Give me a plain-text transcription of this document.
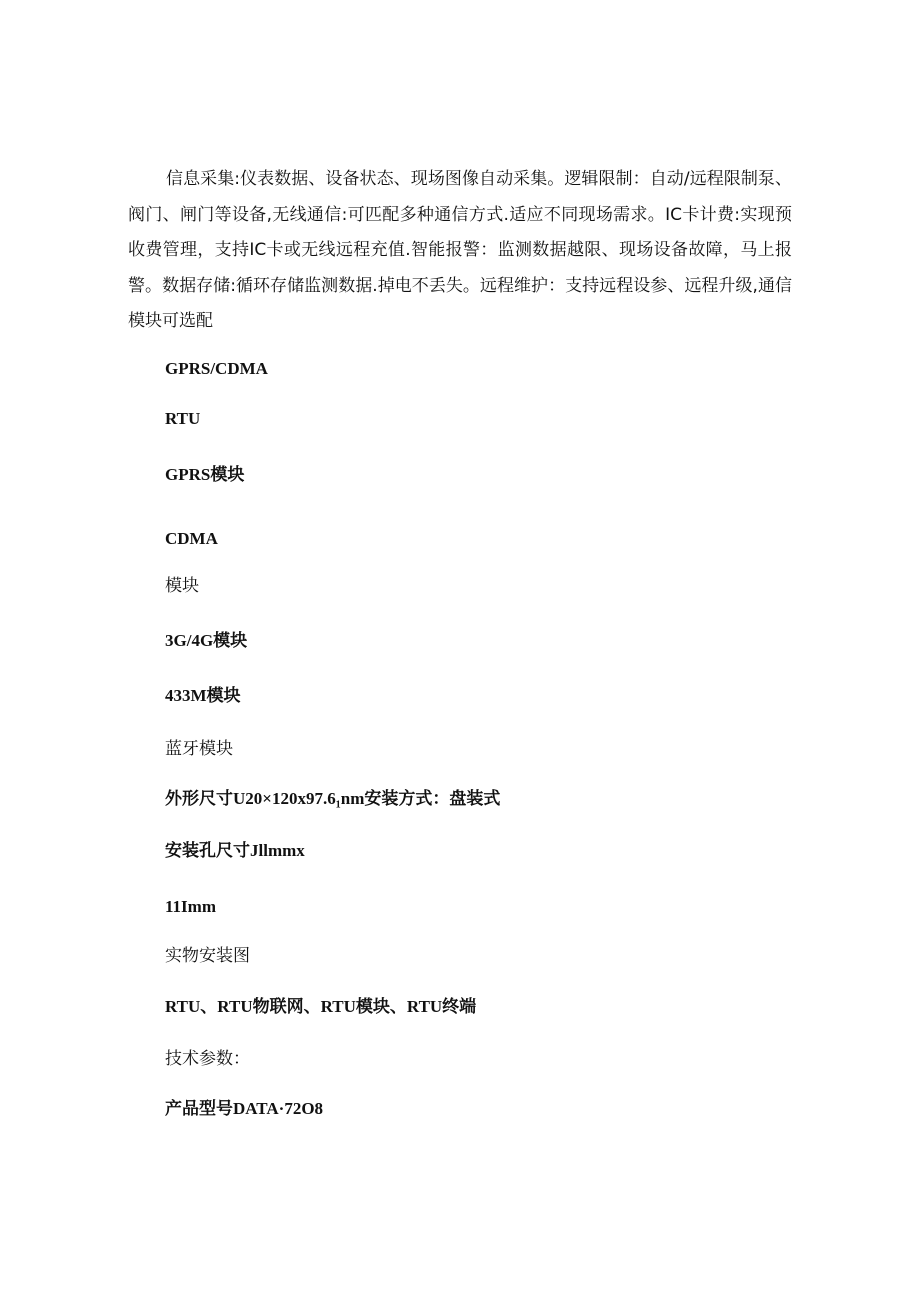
信息采集:仪表数据、设备状态、现场图像自动采集。逻辑限制：自动/远程限制泵、阀门、闸门等设备,无线通信:可匹配多种通信方式.适应不同现场需求。IC卡计费:实现预收费管理，支持IC卡或无线远程充值.智能报警：监测数据越限、现场设备故障，马上报警。数据存储:循环存储监测数据.掉电不丢失。远程维护：支持远程设参、远程升级,通信模块可选配

GPRS/CDMA

RTU

GPRS模块

CDMA

模块

3G/4G模块

433M模块

蓝牙模块

外形尺寸U20×120x97.6₁nm安装方式：盘装式

安装孔尺寸Jllmmx

11Imm

实物安装图

RTU、RTU物联网、RTU模块、RTU终端

技术参数：

产品型号DATA·72O8
